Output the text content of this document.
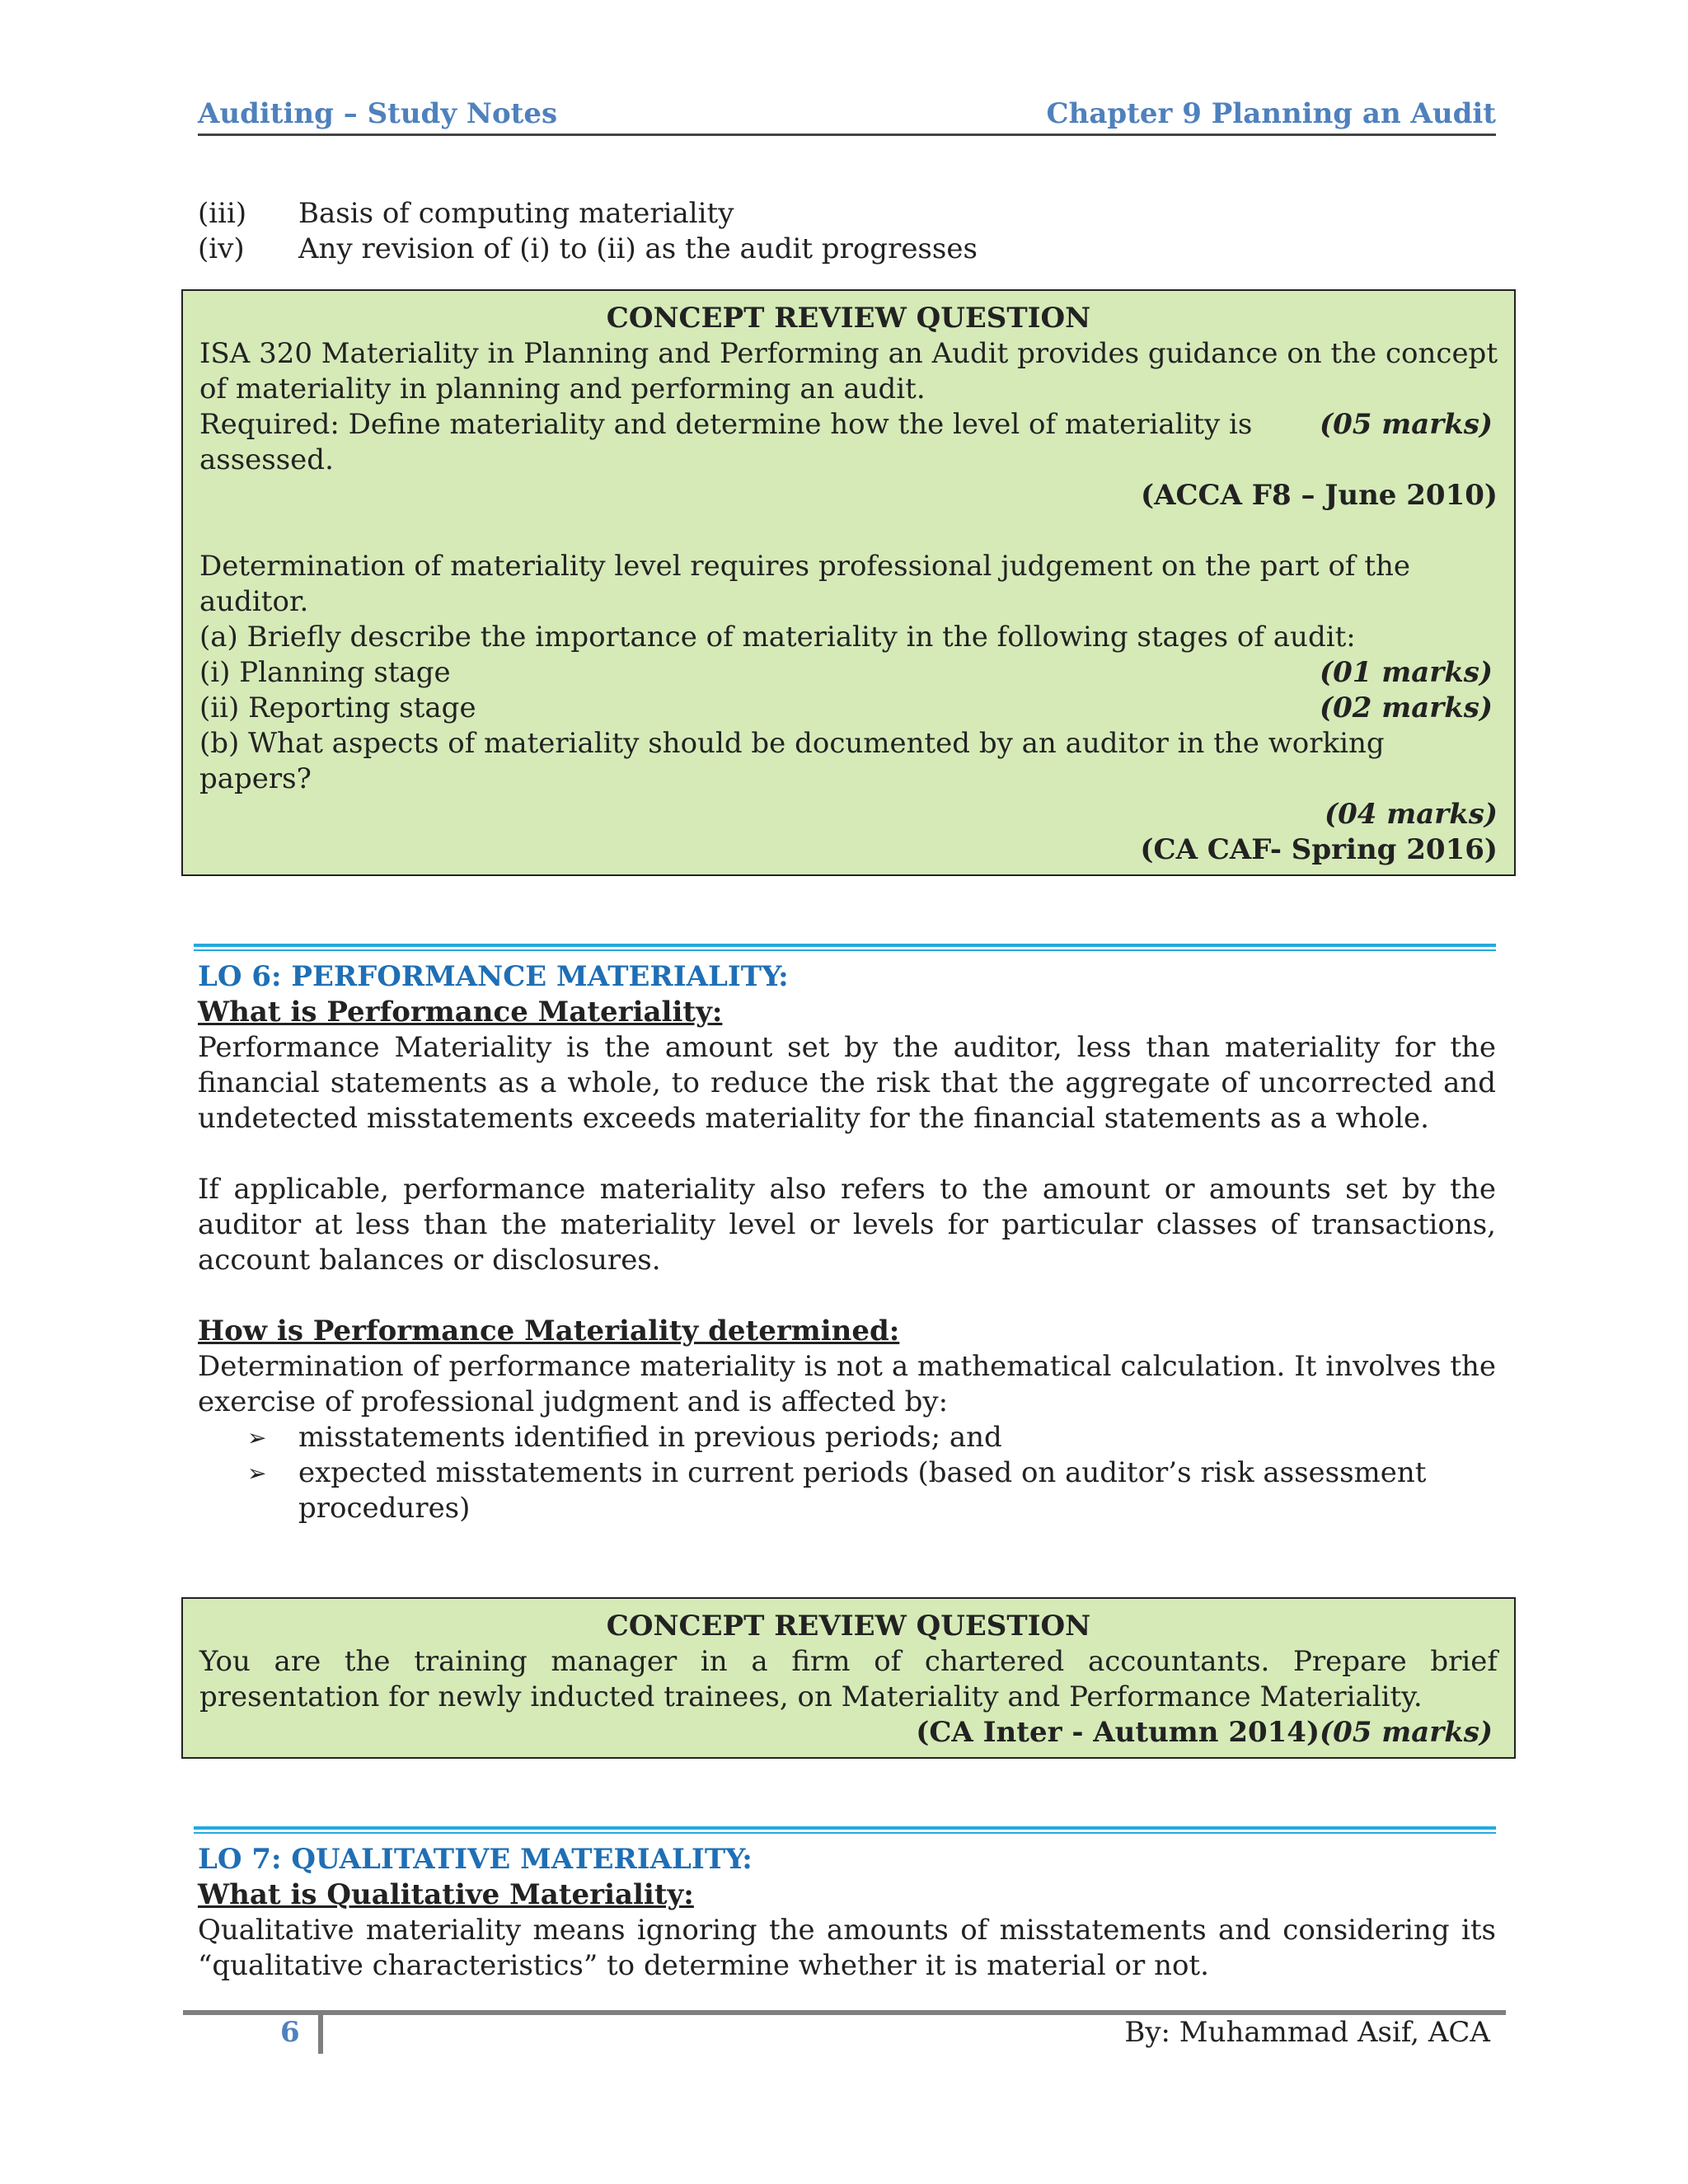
Auditing – Study Notes	Chapter 9 Planning an Audit
(iii)	Basis of computing materiality
(iv)	Any revision of (i) to (ii) as the audit progresses
CONCEPT REVIEW QUESTION
ISA 320 Materiality in Planning and Performing an Audit provides guidance on the concept of materiality in planning and performing an audit.
Required: Define materiality and determine how the level of materiality is assessed.
(05 marks)
(ACCA F8 – June 2010)
Determination of materiality level requires professional judgement on the part of the auditor.
(a) Briefly describe the importance of materiality in the following stages of audit:
(i) Planning stage	(01 marks)
(ii) Reporting stage	(02 marks)
(b) What aspects of materiality should be documented by an auditor in the working papers?
(04 marks)
(CA CAF- Spring 2016)
LO 6: PERFORMANCE MATERIALITY:
What is Performance Materiality:
Performance Materiality is the amount set by the auditor, less than materiality for the financial statements as a whole, to reduce the risk that the aggregate of uncorrected and undetected misstatements exceeds materiality for the financial statements as a whole.
If applicable, performance materiality also refers to the amount or amounts set by the auditor at less than the materiality level or levels for particular classes of transactions, account balances or disclosures.
How is Performance Materiality determined:
Determination of performance materiality is not a mathematical calculation. It involves the exercise of professional judgment and is affected by:
➢	misstatements identified in previous periods; and
➢	expected misstatements in current periods (based on auditor’s risk assessment procedures)
CONCEPT REVIEW QUESTION
You are the training manager in a firm of chartered accountants. Prepare brief presentation for newly inducted trainees, on Materiality and Performance Materiality.
(05 marks)
(CA Inter - Autumn 2014)
LO 7: QUALITATIVE MATERIALITY:
What is Qualitative Materiality:
Qualitative materiality means ignoring the amounts of misstatements and considering its “qualitative characteristics” to determine whether it is material or not.
6	By: Muhammad Asif, ACA
